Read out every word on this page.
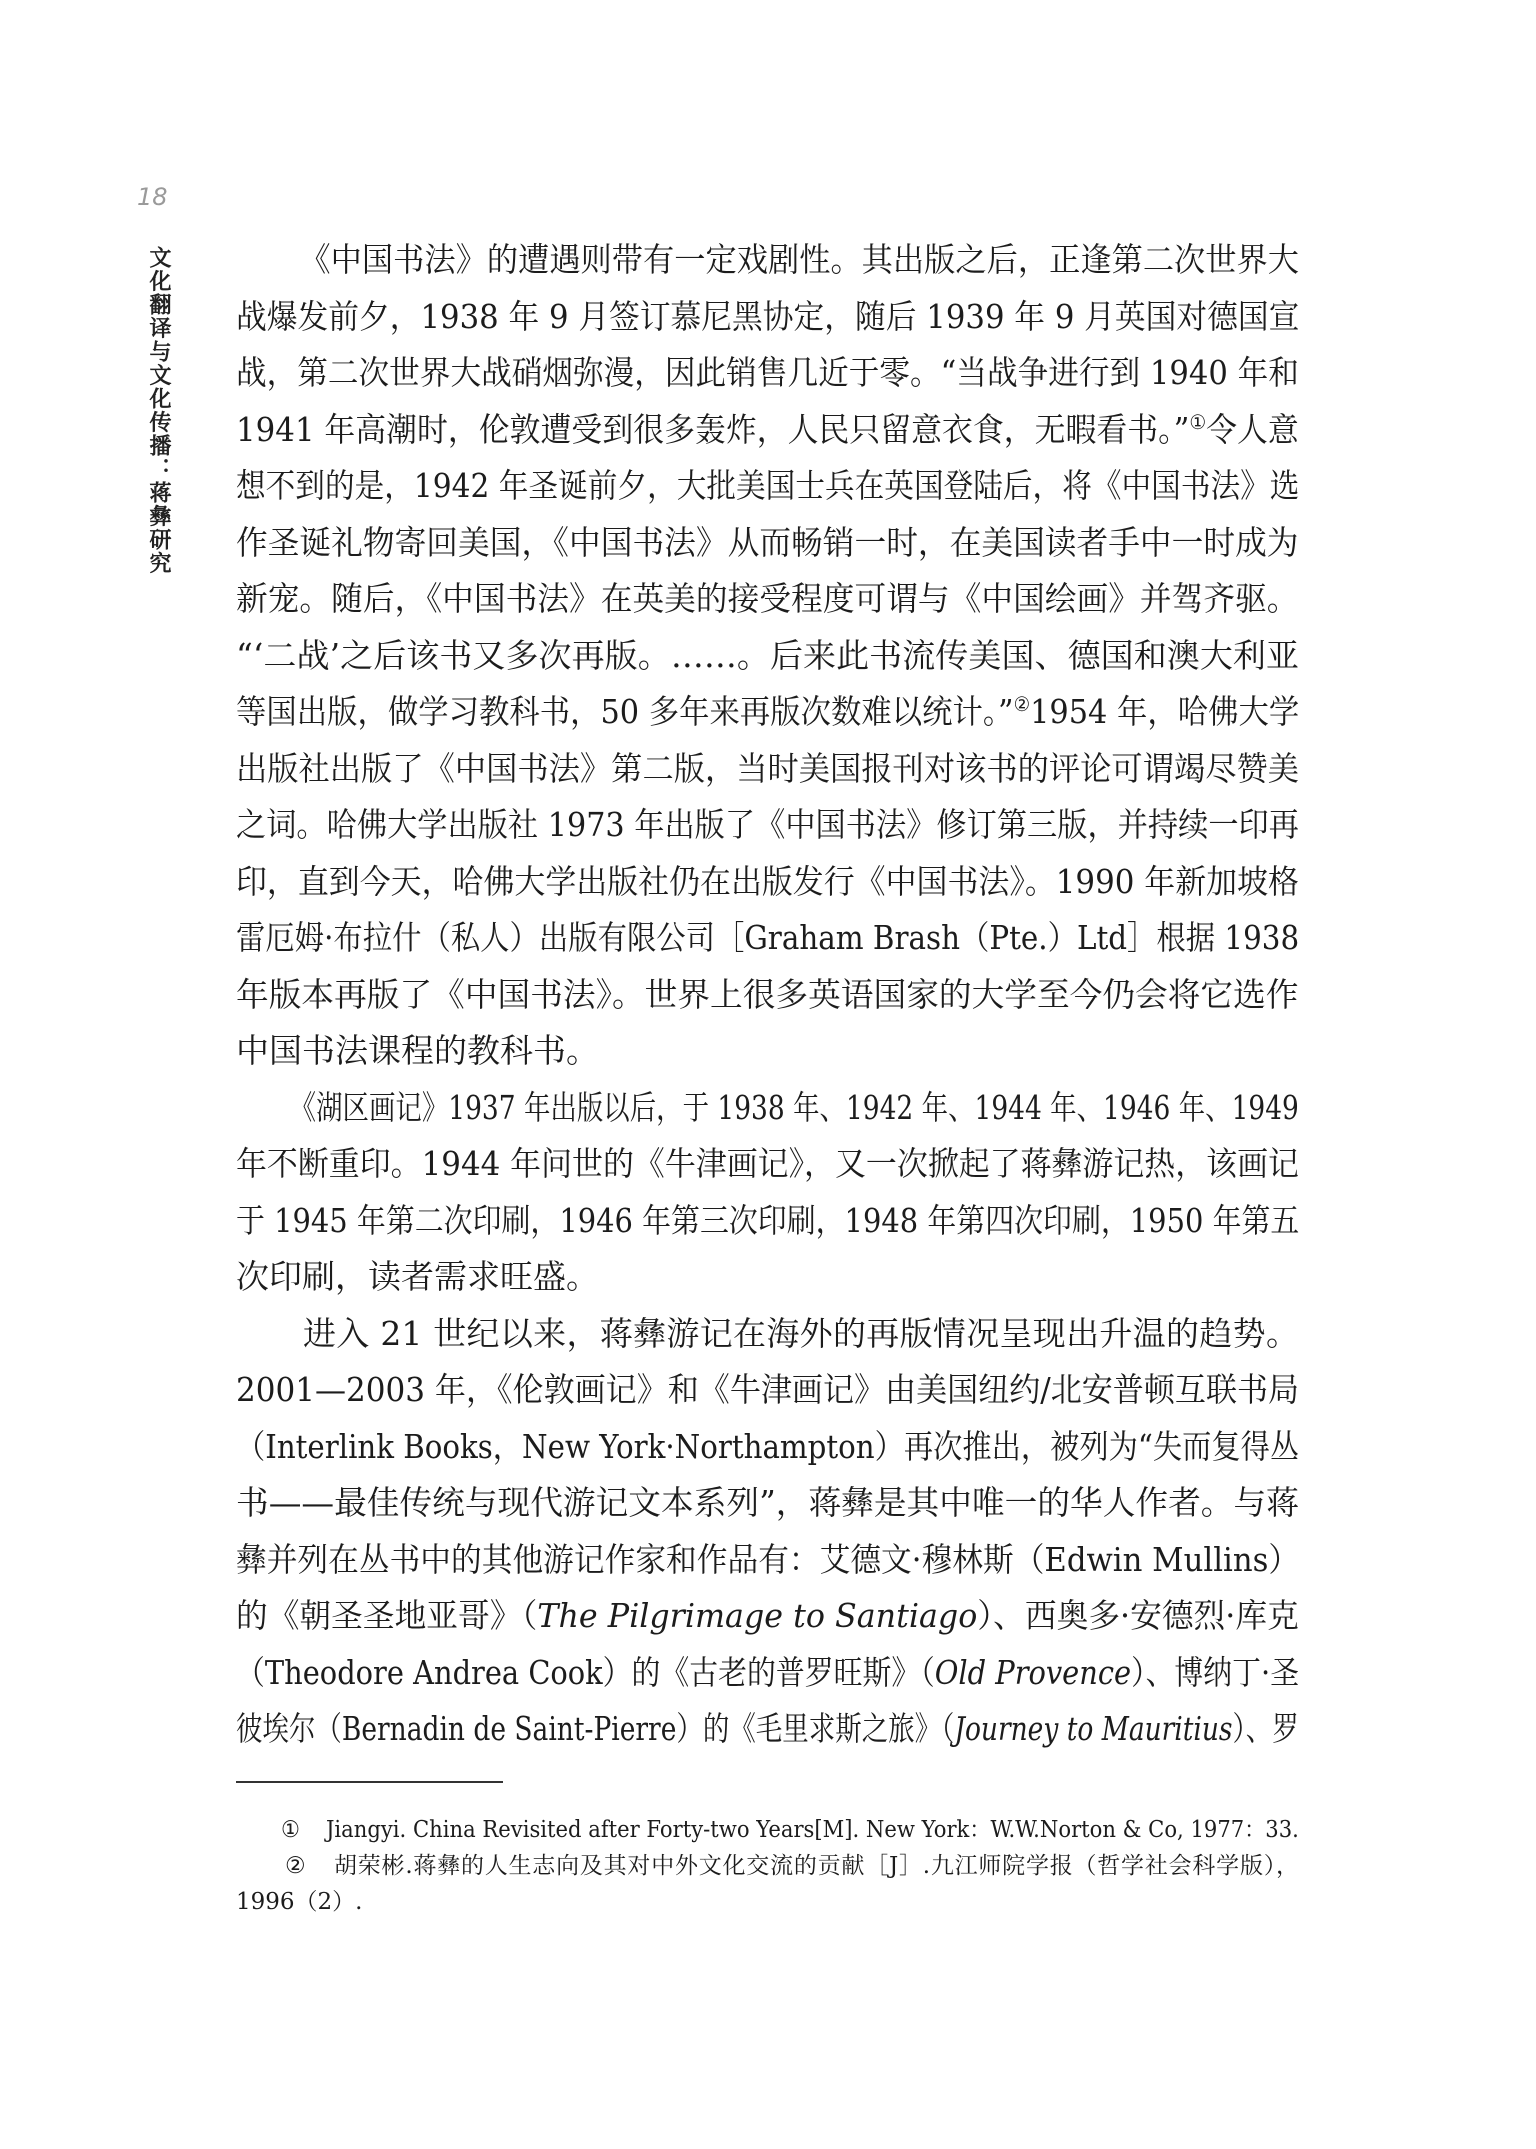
18
文化翻译与文化传播：蒋彝研究	《中国书法》的遭遇则带有一定戏剧性。其出版之后，正逢第二次世界大
战爆发前夕，1938 年 9 月签订慕尼黑协定，随后 1939 年 9 月英国对德国宣
战，第二次世界大战硝烟弥漫，因此销售几近于零。“当战争进行到 1940 年和
1941 年高潮时，伦敦遭受到很多轰炸，人民只留意衣食，无暇看书。”①令人意
想不到的是，1942 年圣诞前夕，大批美国士兵在英国登陆后，将《中国书法》选
作圣诞礼物寄回美国，《中国书法》从而畅销一时，在美国读者手中一时成为
新宠。随后，《中国书法》在英美的接受程度可谓与《中国绘画》并驾齐驱。
“‘二战’之后该书又多次再版。……。后来此书流传美国、德国和澳大利亚
等国出版，做学习教科书，50 多年来再版次数难以统计。”②1954 年，哈佛大学
出版社出版了《中国书法》第二版，当时美国报刊对该书的评论可谓竭尽赞美
之词。哈佛大学出版社 1973 年出版了《中国书法》修订第三版，并持续一印再
印，直到今天，哈佛大学出版社仍在出版发行《中国书法》。1990 年新加坡格
雷厄姆·布拉什（私人）出版有限公司［Graham Brash（Pte.）Ltd］根据 1938
年版本再版了《中国书法》。世界上很多英语国家的大学至今仍会将它选作
中国书法课程的教科书。
《湖区画记》1937 年出版以后，于 1938 年、1942 年、1944 年、1946 年、1949
年不断重印。1944 年问世的《牛津画记》，又一次掀起了蒋彝游记热，该画记
于 1945 年第二次印刷，1946 年第三次印刷，1948 年第四次印刷，1950 年第五
次印刷，读者需求旺盛。
进入 21 世纪以来，蒋彝游记在海外的再版情况呈现出升温的趋势。
2001—2003 年，《伦敦画记》和《牛津画记》由美国纽约/北安普顿互联书局
（Interlink Books，New York·Northampton）再次推出，被列为“失而复得丛
书——最佳传统与现代游记文本系列”，蒋彝是其中唯一的华人作者。与蒋
彝并列在丛书中的其他游记作家和作品有：艾德文·穆林斯（Edwin Mullins）
的《朝圣圣地亚哥》（The Pilgrimage to Santiago）、西奥多·安德烈·库克
（Theodore Andrea Cook）的《古老的普罗旺斯》（Old Provence）、博纳丁·圣
彼埃尔（Bernadin de Saint-Pierre）的《毛里求斯之旅》（Journey to Mauritius）、罗
① Jiangyi. China Revisited after Forty-two Years[M]. New York：W.W.Norton & Co, 1977：33.
② 胡荣彬.蒋彝的人生志向及其对中外文化交流的贡献［J］.九江师院学报（哲学社会科学版），
1996（2）.
